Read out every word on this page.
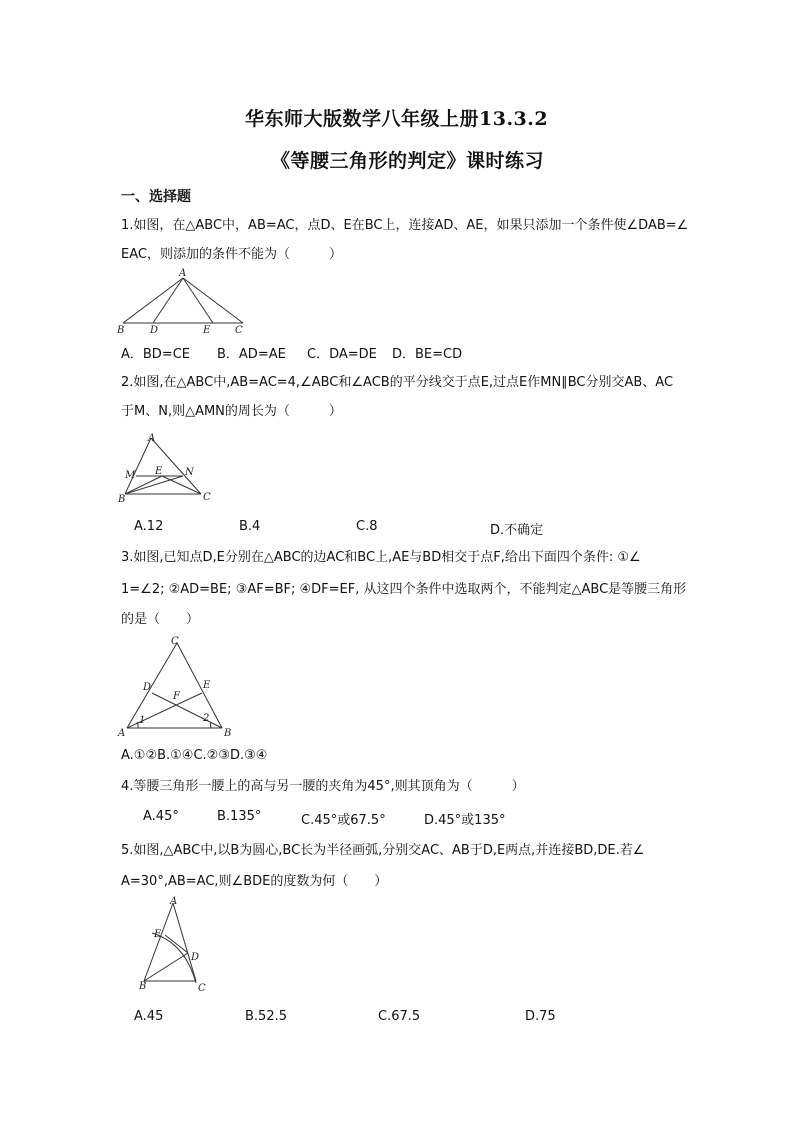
华东师大版数学八年级上册13.3.2
《等腰三角形的判定》课时练习
一、选择题
1.如图，在△ABC中，AB=AC，点D、E在BC上，连接AD、AE，如果只添加一个条件使∠DAB=∠
EAC，则添加的条件不能为（　　　）
A
B	D	E C
A．BD=CE B．AD=AE C．DA=DE D．BE=CD
2.如图,在△ABC中,AB=AC=4,∠ABC和∠ACB的平分线交于点E,过点E作MN∥BC分别交AB、AC
于M、N,则△AMN的周长为（　　　）
A
M E N
B	C
A.12	B.4	C.8	D.不确定
3.如图,已知点D,E分别在△ABC的边AC和BC上,AE与BD相交于点F,给出下面四个条件: ①∠
1=∠2; ②AD=BE; ③AF=BF; ④DF=EF, 从这四个条件中选取两个，不能判定△ABC是等腰三角形
的是（　　）
C
D	E
F
A	B
1	2
A.①②B.①④C.②③D.③④
4.等腰三角形一腰上的高与另一腰的夹角为45°,则其顶角为（　　　）
A.45°	B.135°	C.45°或67.5°	D.45°或135°
5.如图,△ABC中,以B为圆心,BC长为半径画弧,分别交AC、AB于D,E两点,并连接BD,DE.若∠
A=30°,AB=AC,则∠BDE的度数为何（　　）
A
E
D
B	C
A.45	B.52.5	C.67.5	D.75
